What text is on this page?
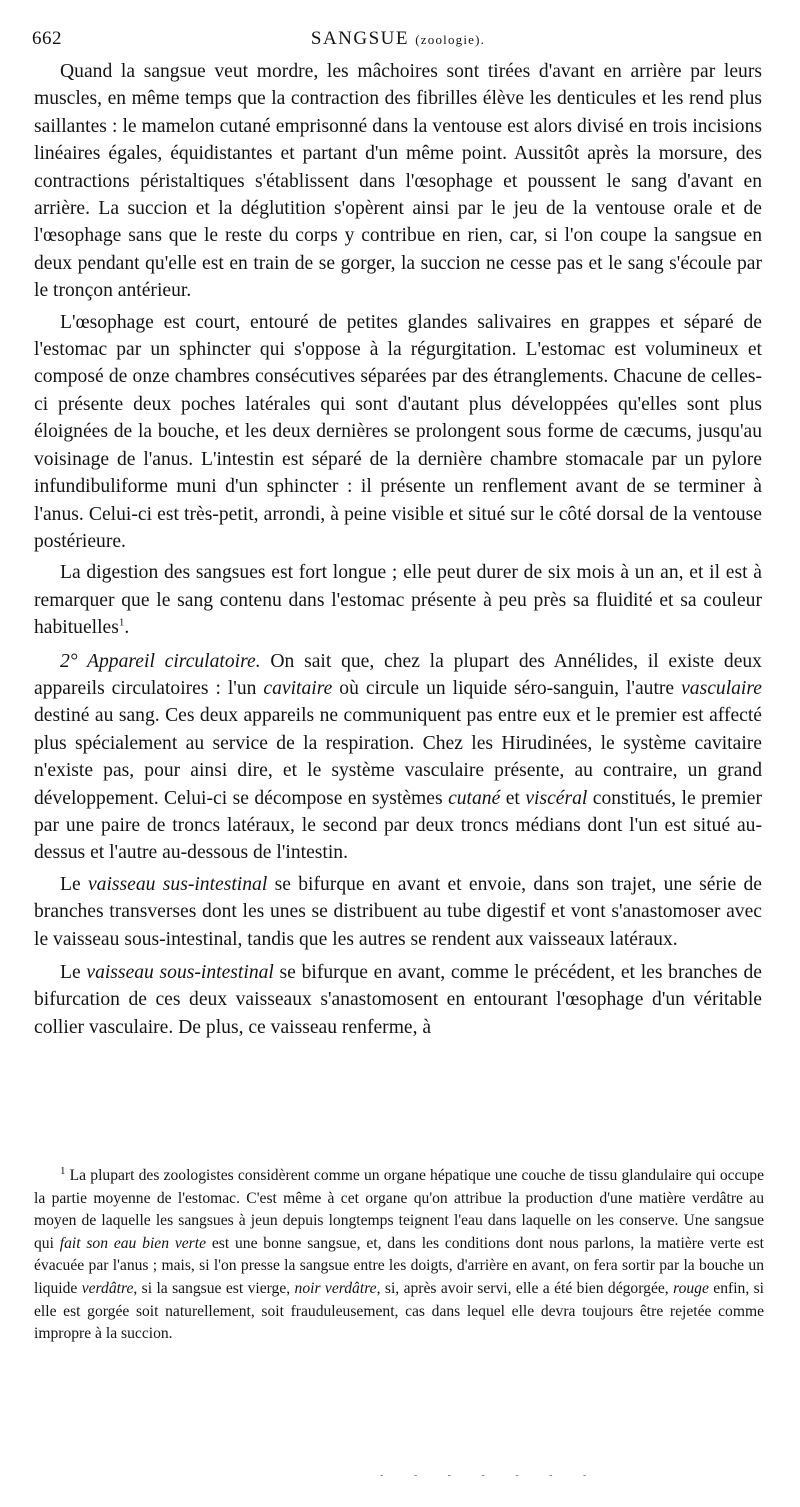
662	SANGSUE (zoologie).

Quand la sangsue veut mordre, les mâchoires sont tirées d'avant en arrière par leurs muscles, en même temps que la contraction des fibrilles élève les denticules et les rend plus saillantes : le mamelon cutané emprisonné dans la ventouse est alors divisé en trois incisions linéaires égales, équidistantes et partant d'un même point. Aussitôt après la morsure, des contractions péristaltiques s'établissent dans l'œsophage et poussent le sang d'avant en arrière. La succion et la déglutition s'opèrent ainsi par le jeu de la ventouse orale et de l'œsophage sans que le reste du corps y contribue en rien, car, si l'on coupe la sangsue en deux pendant qu'elle est en train de se gorger, la succion ne cesse pas et le sang s'écoule par le tronçon antérieur.

L'œsophage est court, entouré de petites glandes salivaires en grappes et séparé de l'estomac par un sphincter qui s'oppose à la régurgitation. L'estomac est volumineux et composé de onze chambres consécutives séparées par des étranglements. Chacune de celles-ci présente deux poches latérales qui sont d'autant plus développées qu'elles sont plus éloignées de la bouche, et les deux dernières se prolongent sous forme de cæcums, jusqu'au voisinage de l'anus. L'intestin est séparé de la dernière chambre stomacale par un pylore infundibuliforme muni d'un sphincter : il présente un renflement avant de se terminer à l'anus. Celui-ci est très-petit, arrondi, à peine visible et situé sur le côté dorsal de la ventouse postérieure.

La digestion des sangsues est fort longue ; elle peut durer de six mois à un an, et il est à remarquer que le sang contenu dans l'estomac présente à peu près sa fluidité et sa couleur habituelles$^1$.

2° Appareil circulatoire. On sait que, chez la plupart des Annélides, il existe deux appareils circulatoires : l'un cavitaire où circule un liquide séro-sanguin, l'autre vasculaire destiné au sang. Ces deux appareils ne communiquent pas entre eux et le premier est affecté plus spécialement au service de la respiration. Chez les Hirudinées, le système cavitaire n'existe pas, pour ainsi dire, et le système vasculaire présente, au contraire, un grand développement. Celui-ci se décompose en systèmes cutané et viscéral constitués, le premier par une paire de troncs latéraux, le second par deux troncs médians dont l'un est situé au-dessus et l'autre au-dessous de l'intestin.

Le vaisseau sus-intestinal se bifurque en avant et envoie, dans son trajet, une série de branches transverses dont les unes se distribuent au tube digestif et vont s'anastomoser avec le vaisseau sous-intestinal, tandis que les autres se rendent aux vaisseaux latéraux.

Le vaisseau sous-intestinal se bifurque en avant, comme le précédent, et les branches de bifurcation de ces deux vaisseaux s'anastomosent en entourant l'œsophage d'un véritable collier vasculaire. De plus, ce vaisseau renferme, à

$^1$ La plupart des zoologistes considèrent comme un organe hépatique une couche de tissu glandulaire qui occupe la partie moyenne de l'estomac. C'est même à cet organe qu'on attribue la production d'une matière verdâtre au moyen de laquelle les sangsues à jeun depuis longtemps teignent l'eau dans laquelle on les conserve. Une sangsue qui fait son eau bien verte est une bonne sangsue, et, dans les conditions dont nous parlons, la matière verte est évacuée par l'anus ; mais, si l'on presse la sangsue entre les doigts, d'arrière en avant, on fera sortir par la bouche un liquide verdâtre, si la sangsue est vierge, noir verdâtre, si, après avoir servi, elle a été bien dégorgée, rouge enfin, si elle est gorgée soit naturellement, soit frauduleusement, cas dans lequel elle devra toujours être rejetée comme impropre à la succion.

- - - - - - -
